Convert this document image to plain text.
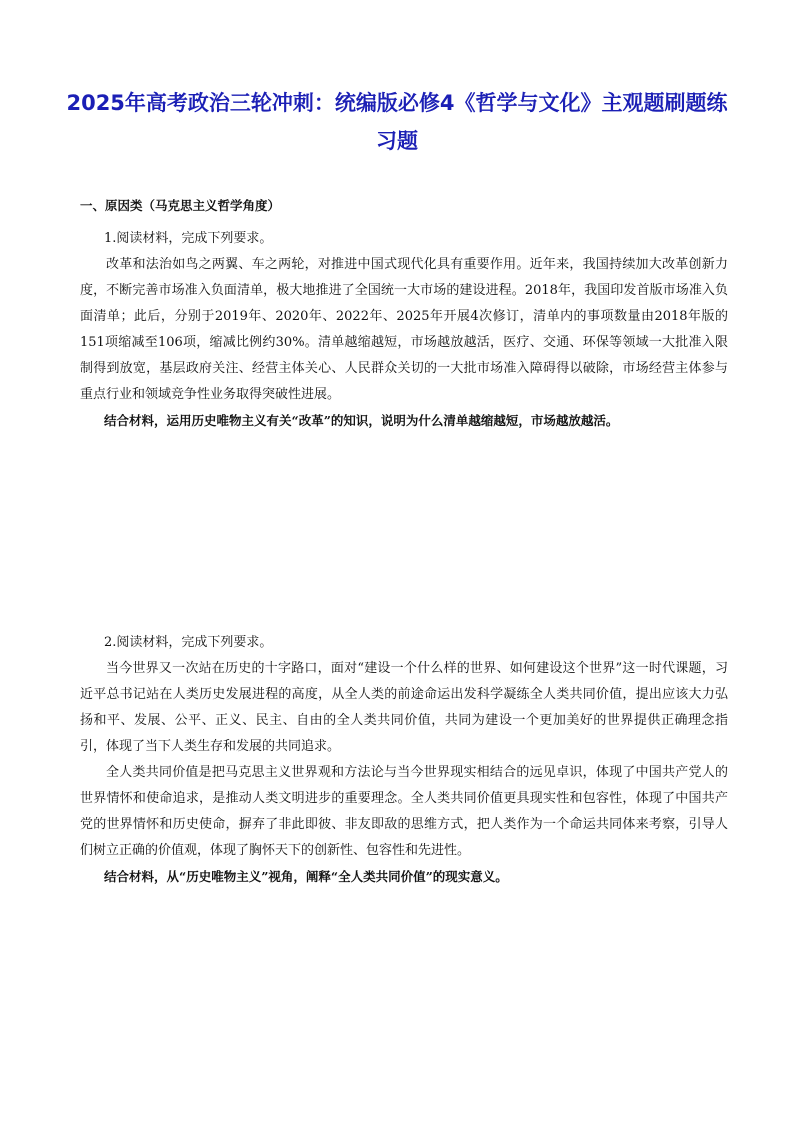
2025年高考政治三轮冲刺：统编版必修4《哲学与文化》主观题刷题练习题

一、原因类（马克思主义哲学角度）

1.阅读材料，完成下列要求。

改革和法治如鸟之两翼、车之两轮，对推进中国式现代化具有重要作用。近年来，我国持续加大改革创新力度，不断完善市场准入负面清单，极大地推进了全国统一大市场的建设进程。2018年，我国印发首版市场准入负面清单；此后，分别于2019年、2020年、2022年、2025年开展4次修订，清单内的事项数量由2018年版的151项缩减至106项，缩减比例约30%。清单越缩越短，市场越放越活，医疗、交通、环保等领域一大批准入限制得到放宽，基层政府关注、经营主体关心、人民群众关切的一大批市场准入障碍得以破除，市场经营主体参与重点行业和领域竞争性业务取得突破性进展。

结合材料，运用历史唯物主义有关“改革”的知识，说明为什么清单越缩越短，市场越放越活。

2.阅读材料，完成下列要求。

当今世界又一次站在历史的十字路口，面对“建设一个什么样的世界、如何建设这个世界”这一时代课题，习近平总书记站在人类历史发展进程的高度，从全人类的前途命运出发科学凝练全人类共同价值，提出应该大力弘扬和平、发展、公平、正义、民主、自由的全人类共同价值，共同为建设一个更加美好的世界提供正确理念指引，体现了当下人类生存和发展的共同追求。

全人类共同价值是把马克思主义世界观和方法论与当今世界现实相结合的远见卓识，体现了中国共产党人的世界情怀和使命追求，是推动人类文明进步的重要理念。全人类共同价值更具现实性和包容性，体现了中国共产党的世界情怀和历史使命，摒弃了非此即彼、非友即敌的思维方式，把人类作为一个命运共同体来考察，引导人们树立正确的价值观，体现了胸怀天下的创新性、包容性和先进性。

结合材料，从“历史唯物主义”视角，阐释“全人类共同价值”的现实意义。
